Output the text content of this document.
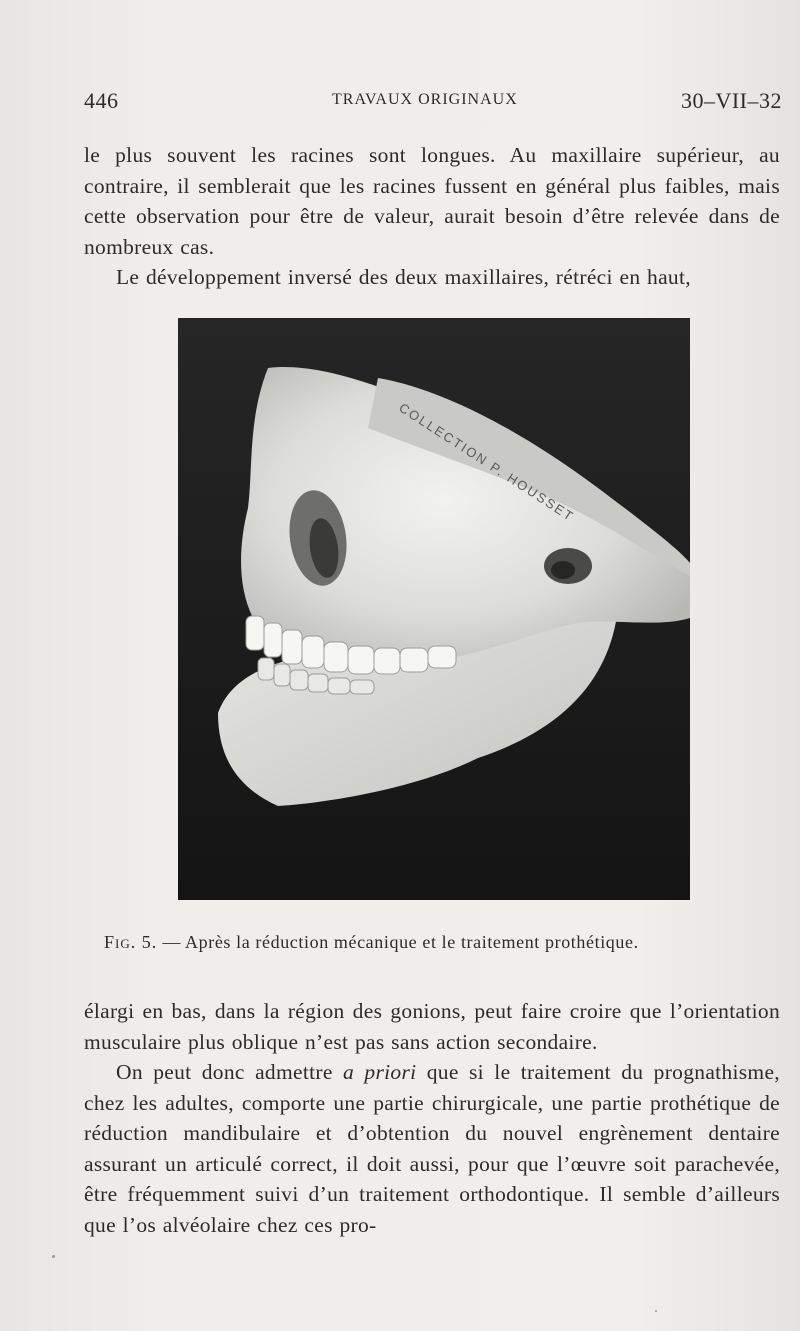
446	TRAVAUX ORIGINAUX	30–VII–32
le plus souvent les racines sont longues. Au maxillaire supérieur, au contraire, il semblerait que les racines fussent en général plus faibles, mais cette observation pour être de valeur, aurait besoin d’être relevée dans de nombreux cas.
Le développement inversé des deux maxillaires, rétréci en haut,
COLLECTION P. HOUSSET
Fig. 5. — Après la réduction mécanique et le traitement prothétique.
élargi en bas, dans la région des gonions, peut faire croire que l’orientation musculaire plus oblique n’est pas sans action secondaire.
On peut donc admettre a priori que si le traitement du prognathisme, chez les adultes, comporte une partie chirurgicale, une partie prothétique de réduction mandibulaire et d’obtention du nouvel engrènement dentaire assurant un articulé correct, il doit aussi, pour que l’œuvre soit parachevée, être fréquemment suivi d’un traitement orthodontique. Il semble d’ailleurs que l’os alvéolaire chez ces pro-
